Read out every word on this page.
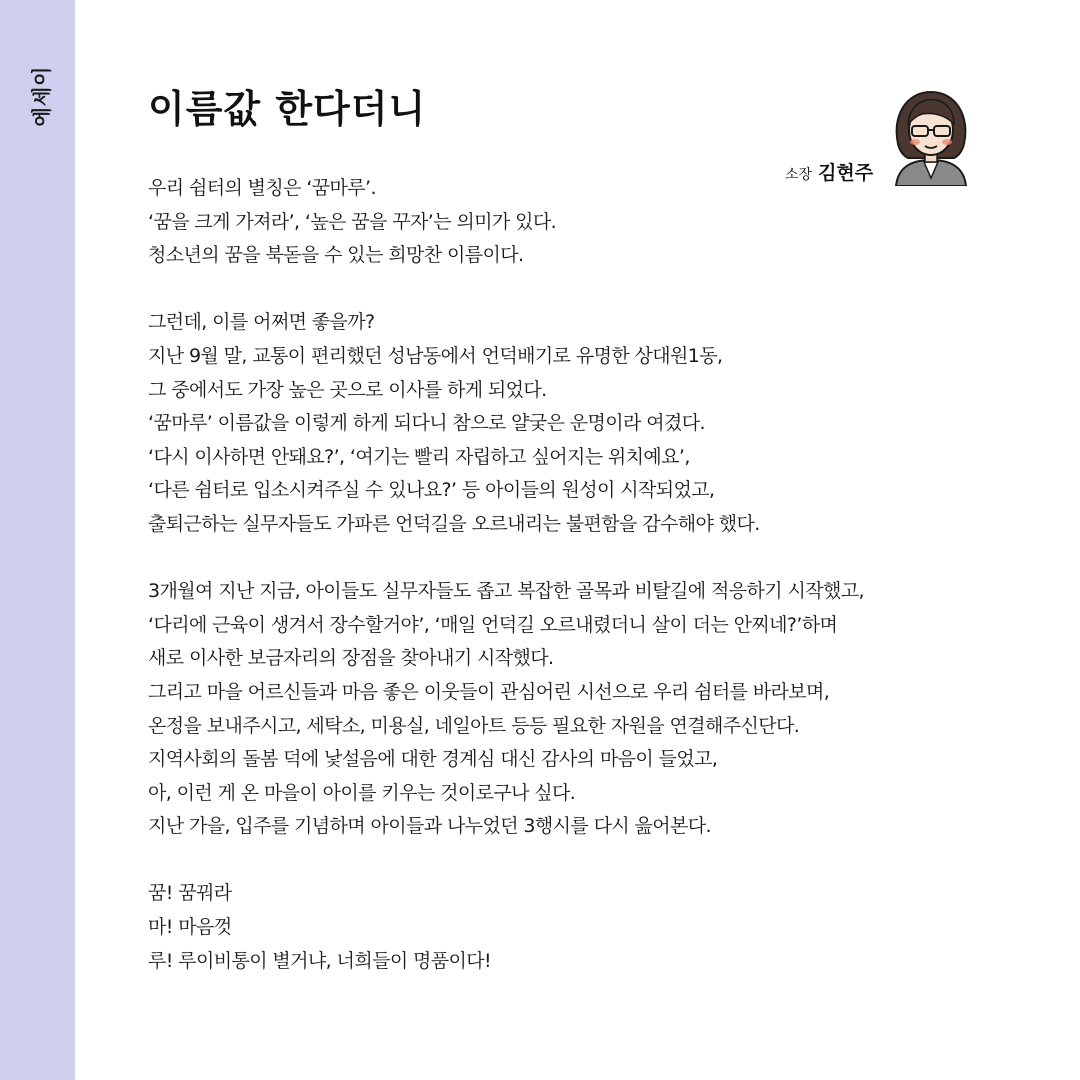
에세이 이름값 한다더니
소장 김현주

우리 쉼터의 별칭은 ‘꿈마루’.
‘꿈을 크게 가져라’, ‘높은 꿈을 꾸자’는 의미가 있다.
청소년의 꿈을 북돋을 수 있는 희망찬 이름이다.

그런데, 이를 어쩌면 좋을까?
지난 9월 말, 교통이 편리했던 성남동에서 언덕배기로 유명한 상대원1동,
그 중에서도 가장 높은 곳으로 이사를 하게 되었다.
‘꿈마루’ 이름값을 이렇게 하게 되다니 참으로 얄궂은 운명이라 여겼다.
‘다시 이사하면 안돼요?’, ‘여기는 빨리 자립하고 싶어지는 위치예요’,
‘다른 쉼터로 입소시켜주실 수 있나요?’ 등 아이들의 원성이 시작되었고,
출퇴근하는 실무자들도 가파른 언덕길을 오르내리는 불편함을 감수해야 했다.

3개월여 지난 지금, 아이들도 실무자들도 좁고 복잡한 골목과 비탈길에 적응하기 시작했고,
‘다리에 근육이 생겨서 장수할거야’, ‘매일 언덕길 오르내렸더니 살이 더는 안찌네?’하며
새로 이사한 보금자리의 장점을 찾아내기 시작했다.
그리고 마을 어르신들과 마음 좋은 이웃들이 관심어린 시선으로 우리 쉼터를 바라보며,
온정을 보내주시고, 세탁소, 미용실, 네일아트 등등 필요한 자원을 연결해주신단다.
지역사회의 돌봄 덕에 낯설음에 대한 경계심 대신 감사의 마음이 들었고,
아, 이런 게 온 마을이 아이를 키우는 것이로구나 싶다.
지난 가을, 입주를 기념하며 아이들과 나누었던 3행시를 다시 읊어본다.

꿈! 꿈꿔라
마! 마음껏
루! 루이비통이 별거냐, 너희들이 명품이다!
